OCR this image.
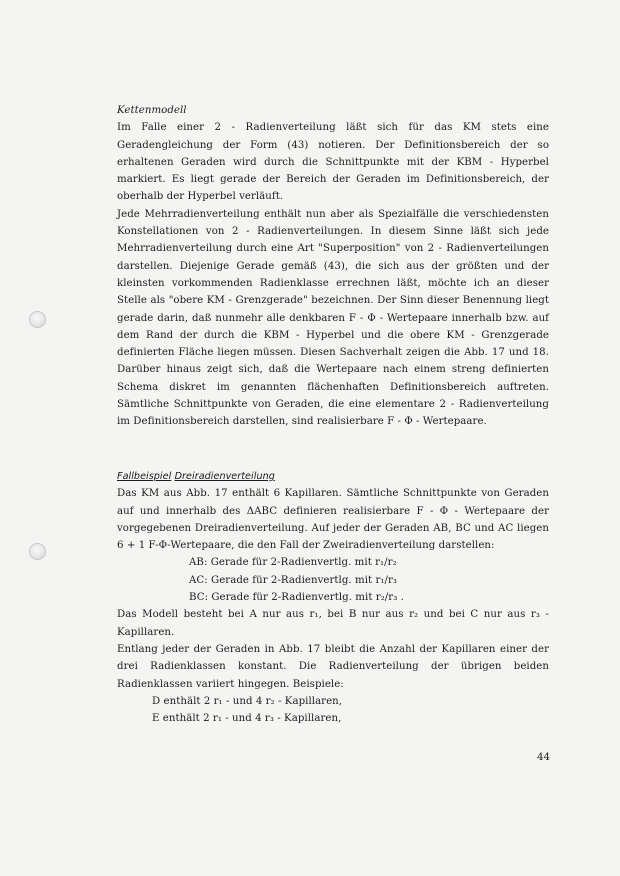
Kettenmodell

Im Falle einer 2 - Radienverteilung läßt sich für das KM stets eine Geradengleichung der Form (43) notieren. Der Definitionsbereich der so erhaltenen Geraden wird durch die Schnittpunkte mit der KBM - Hyperbel markiert. Es liegt gerade der Bereich der Geraden im Definitionsbereich, der oberhalb der Hyperbel verläuft.

Jede Mehrradienverteilung enthält nun aber als Spezialfälle die verschiedensten Konstellationen von 2 - Radienverteilungen. In diesem Sinne läßt sich jede Mehrradienverteilung durch eine Art "Superposition" von 2 - Radienverteilungen darstellen. Diejenige Gerade gemäß (43), die sich aus der größten und der kleinsten vorkommenden Radienklasse errechnen läßt, möchte ich an dieser Stelle als "obere KM - Grenzgerade" bezeichnen. Der Sinn dieser Benennung liegt gerade darin, daß nunmehr alle denkbaren F - Φ - Wertepaare innerhalb bzw. auf dem Rand der durch die KBM - Hyperbel und die obere KM - Grenzgerade definierten Fläche liegen müssen. Diesen Sachverhalt zeigen die Abb. 17 und 18. Darüber hinaus zeigt sich, daß die Wertepaare nach einem streng definierten Schema diskret im genannten flächenhaften Definitionsbereich auftreten. Sämtliche Schnittpunkte von Geraden, die eine elementare 2 - Radienverteilung im Definitionsbereich darstellen, sind realisierbare F - Φ - Wertepaare.

Fallbeispiel Dreiradienverteilung

Das KM aus Abb. 17 enthält 6 Kapillaren. Sämtliche Schnittpunkte von Geraden auf und innerhalb des ΔABC definieren realisierbare F - Φ - Wertepaare der vorgegebenen Dreiradienverteilung. Auf jeder der Geraden AB, BC und AC liegen 6 + 1 F-Φ-Wertepaare, die den Fall der Zweiradienverteilung darstellen:

AB: Gerade für 2-Radienvertlg. mit r₁/r₂
AC: Gerade für 2-Radienvertlg. mit r₁/r₃
BC: Gerade für 2-Radienvertlg. mit r₂/r₃ .

Das Modell besteht bei A nur aus r₁, bei B nur aus r₂ und bei C nur aus r₃ - Kapillaren.

Entlang jeder der Geraden in Abb. 17 bleibt die Anzahl der Kapillaren einer der drei Radienklassen konstant. Die Radienverteilung der übrigen beiden Radienklassen variiert hingegen. Beispiele:

D enthält 2 r₁ - und 4 r₂ - Kapillaren,
E enthält 2 r₁ - und 4 r₃ - Kapillaren,
44
